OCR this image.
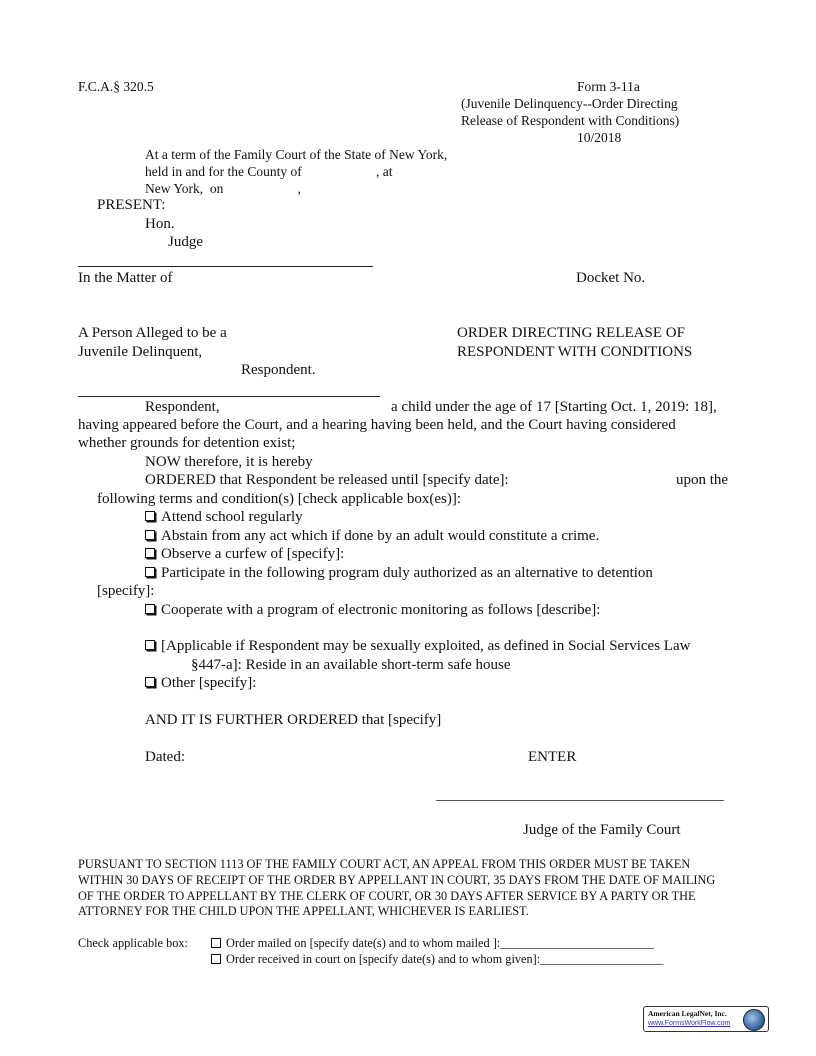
F.C.A.§ 320.5	Form 3-11a
(Juvenile Delinquency--Order Directing
Release of Respondent with Conditions)
10/2018
At a term of the Family Court of the State of New York,
held in and for the County of                      , at
New York,  on                      ,
PRESENT:
Hon.
Judge
In the Matter of	Docket No.
A Person Alleged to be a
Juvenile Delinquent,
Respondent.
ORDER DIRECTING RELEASE OF
RESPONDENT WITH CONDITIONS
Respondent,	a child under the age of 17 [Starting Oct. 1, 2019: 18],
having appeared before the Court, and a hearing having been held, and the Court having considered
whether grounds for detention exist;
NOW therefore, it is hereby
ORDERED that Respondent be released until [specify date]:	upon the
following terms and condition(s) [check applicable box(es)]:
Attend school regularly
Abstain from any act which if done by an adult would constitute a crime.
Observe a curfew of [specify]:
Participate in the following program duly authorized as an alternative to detention
[specify]:
Cooperate with a program of electronic monitoring as follows [describe]:
[Applicable if Respondent may be sexually exploited, as defined in Social Services Law
§447-a]: Reside in an available short-term safe house
Other [specify]:
AND IT IS FURTHER ORDERED that [specify]
Dated:	ENTER
Judge of the Family Court
PURSUANT TO SECTION 1113 OF THE FAMILY COURT ACT, AN APPEAL FROM THIS ORDER MUST BE TAKEN WITHIN 30 DAYS OF RECEIPT OF THE ORDER BY APPELLANT IN COURT, 35 DAYS FROM THE DATE OF MAILING OF THE ORDER TO APPELLANT BY THE CLERK OF COURT, OR 30 DAYS AFTER SERVICE BY A PARTY OR THE ATTORNEY FOR THE CHILD UPON THE APPELLANT, WHICHEVER IS EARLIEST.
Check applicable box:	Order mailed on [specify date(s) and to whom mailed ]:_________________________
Order received in court on [specify date(s) and to whom given]:____________________
American LegalNet, Inc.
www.FormsWorkFlow.com
